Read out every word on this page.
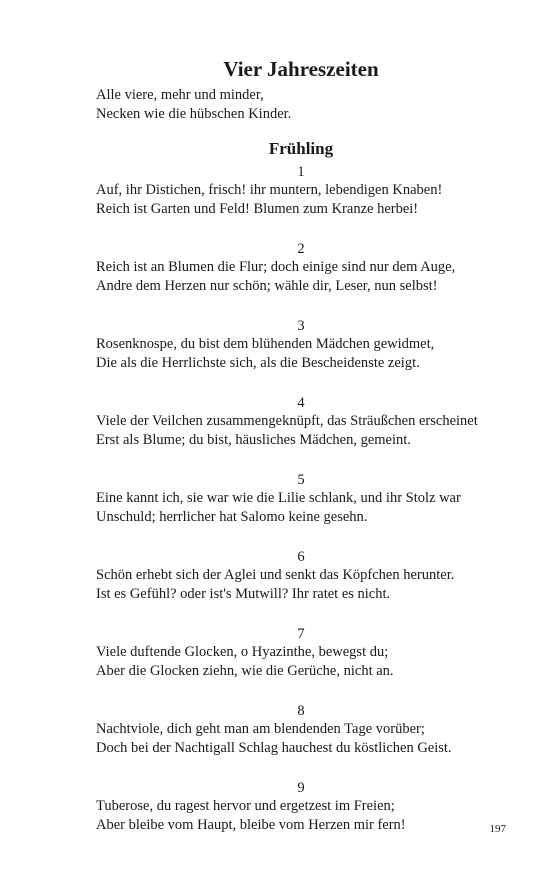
Vier Jahreszeiten
Alle viere, mehr und minder,
Necken wie die hübschen Kinder.
Frühling
1
Auf, ihr Distichen, frisch! ihr muntern, lebendigen Knaben!
Reich ist Garten und Feld! Blumen zum Kranze herbei!
2
Reich ist an Blumen die Flur; doch einige sind nur dem Auge,
Andre dem Herzen nur schön; wähle dir, Leser, nun selbst!
3
Rosenknospe, du bist dem blühenden Mädchen gewidmet,
Die als die Herrlichste sich, als die Bescheidenste zeigt.
4
Viele der Veilchen zusammengeknüpft, das Sträußchen erscheinet
Erst als Blume; du bist, häusliches Mädchen, gemeint.
5
Eine kannt ich, sie war wie die Lilie schlank, und ihr Stolz war
Unschuld; herrlicher hat Salomo keine gesehn.
6
Schön erhebt sich der Aglei und senkt das Köpfchen herunter.
Ist es Gefühl? oder ist's Mutwill? Ihr ratet es nicht.
7
Viele duftende Glocken, o Hyazinthe, bewegst du;
Aber die Glocken ziehn, wie die Gerüche, nicht an.
8
Nachtviole, dich geht man am blendenden Tage vorüber;
Doch bei der Nachtigall Schlag hauchest du köstlichen Geist.
9
Tuberose, du ragest hervor und ergetzest im Freien;
Aber bleibe vom Haupt, bleibe vom Herzen mir fern!	197
